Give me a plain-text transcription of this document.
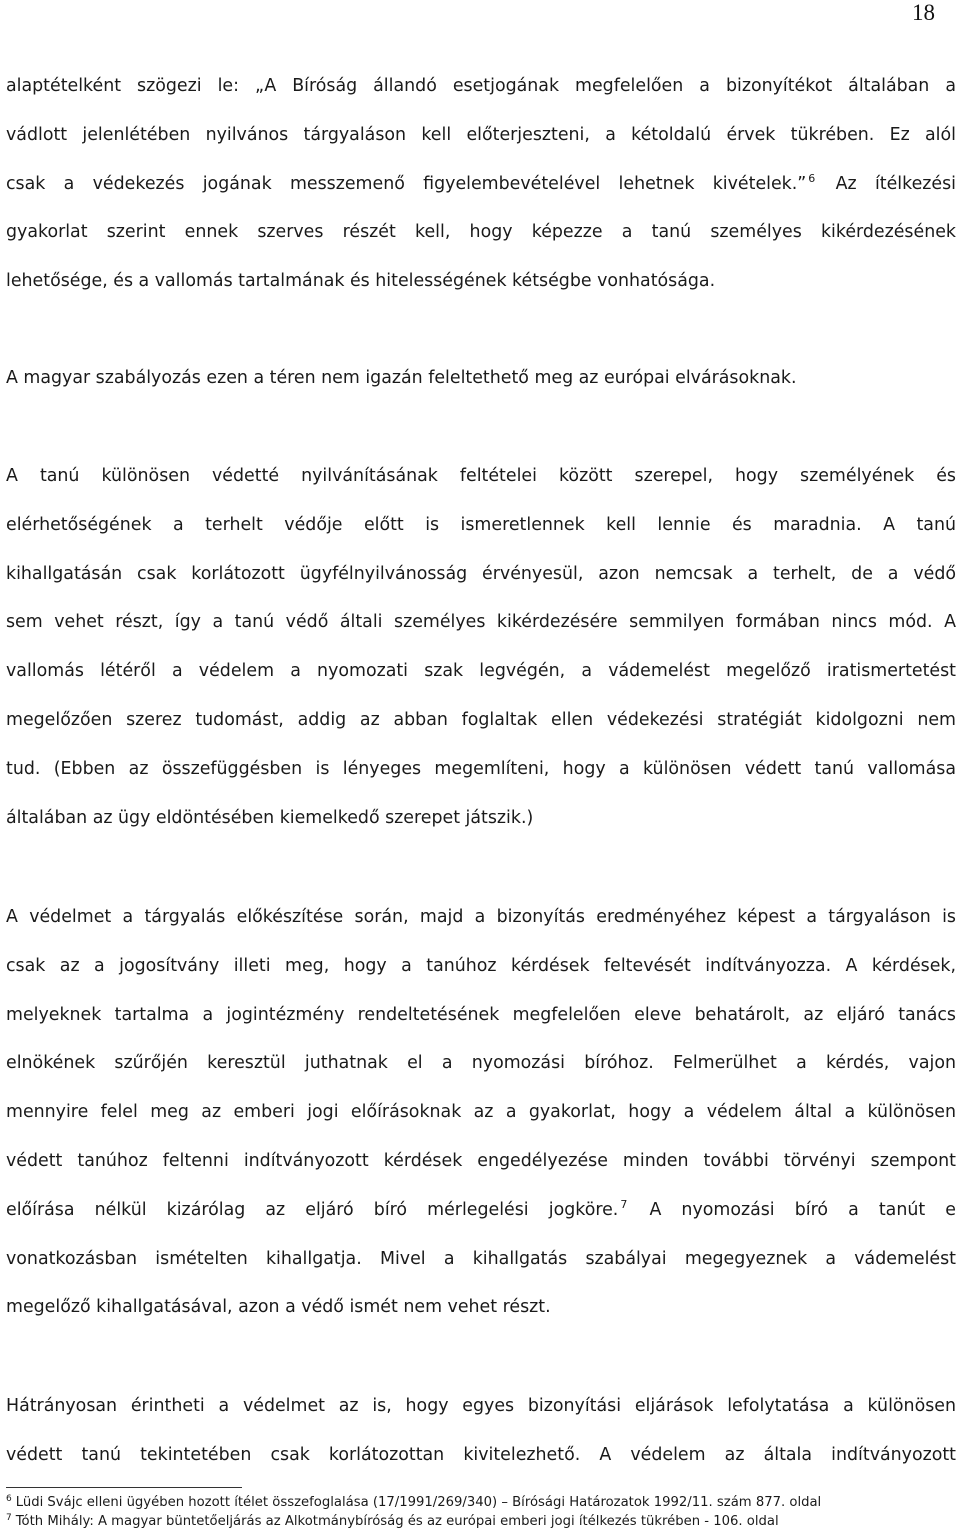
18
alaptételként szögezi le: „A Bíróság állandó esetjogának megfelelően a bizonyítékot általában a
vádlott jelenlétében nyilvános tárgyaláson kell előterjeszteni, a kétoldalú érvek tükrében. Ez alól
csak a védekezés jogának messzemenő figyelembevételével lehetnek kivételek.” $^6$ Az ítélkezési
gyakorlat szerint ennek szerves részét kell, hogy képezze a tanú személyes kikérdezésének
lehetősége, és a vallomás tartalmának és hitelességének kétségbe vonhatósága.
A magyar szabályozás ezen a téren nem igazán feleltethető meg az európai elvárásoknak.
A tanú különösen védetté nyilvánításának feltételei között szerepel, hogy személyének és
elérhetőségének a terhelt védője előtt is ismeretlennek kell lennie és maradnia. A tanú
kihallgatásán csak korlátozott ügyfélnyilvánosság érvényesül, azon nemcsak a terhelt, de a védő
sem vehet részt, így a tanú védő általi személyes kikérdezésére semmilyen formában nincs mód. A
vallomás létéről a védelem a nyomozati szak legvégén, a vádemelést megelőző iratismertetést
megelőzően szerez tudomást, addig az abban foglaltak ellen védekezési stratégiát kidolgozni nem
tud. (Ebben az összefüggésben is lényeges megemlíteni, hogy a különösen védett tanú vallomása
általában az ügy eldöntésében kiemelkedő szerepet játszik.)
A védelmet a tárgyalás előkészítése során, majd a bizonyítás eredményéhez képest a tárgyaláson is
csak az a jogosítvány illeti meg, hogy a tanúhoz kérdések feltevését indítványozza. A kérdések,
melyeknek tartalma a jogintézmény rendeltetésének megfelelően eleve behatárolt, az eljáró tanács
elnökének szűrőjén keresztül juthatnak el a nyomozási bíróhoz. Felmerülhet a kérdés, vajon
mennyire felel meg az emberi jogi előírásoknak az a gyakorlat, hogy a védelem által a különösen
védett tanúhoz feltenni indítványozott kérdések engedélyezése minden további törvényi szempont
előírása nélkül kizárólag az eljáró bíró mérlegelési jogköre. $^7$ A nyomozási bíró a tanút e
vonatkozásban ismételten kihallgatja. Mivel a kihallgatás szabályai megegyeznek a vádemelést
megelőző kihallgatásával, azon a védő ismét nem vehet részt.
Hátrányosan érintheti a védelmet az is, hogy egyes bizonyítási eljárások lefolytatása a különösen
védett tanú tekintetében csak korlátozottan kivitelezhető. A védelem az általa indítványozott
$^6$ Lüdi Svájc elleni ügyében hozott ítélet összefoglalása (17/1991/269/340) – Bírósági Határozatok 1992/11. szám 877. oldal
$^7$ Tóth Mihály: A magyar büntetőeljárás az Alkotmánybíróság és az európai emberi jogi ítélkezés tükrében - 106. oldal
